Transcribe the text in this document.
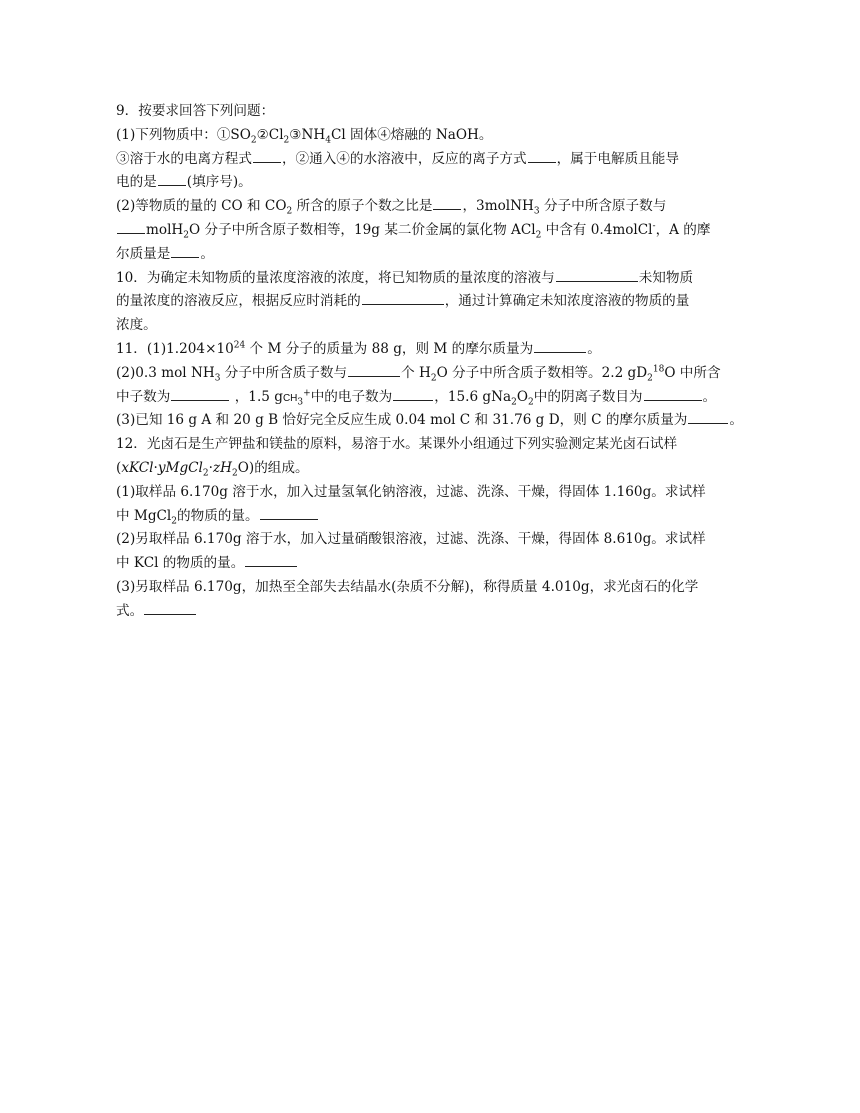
9．按要求回答下列问题：
(1)下列物质中：$①SO_2②Cl_2③NH_4Cl$ 固体④熔融的 NaOH。
③溶于水的电离方程式 ，②通入④的水溶液中，反应的离子方式 ，属于电解质且能导
电的是 (填序号)。
(2)等物质的量的 CO 和 $CO_2$ 所含的原子个数之比是 ，3molNH$_3$ 分子中所含原子数与
molH$_2$O 分子中所含原子数相等，19g 某二价金属的氯化物 ACl$_2$ 中含有 0.4molCl-，A 的摩
尔质量是 。
10．为确定未知物质的量浓度溶液的浓度，将已知物质的量浓度的溶液与	未知物质
的量浓度的溶液反应，根据反应时消耗的	，通过计算确定未知浓度溶液的物质的量
浓度。
11．$(1)1.204\times 10^{24}$ 个 M 分子的质量为 88 g，则 M 的摩尔质量为	。
(2)0.3 mol $NH_3$ 分子中所含质子数与	个 $H_2O$ 分子中所含质子数相等。2.2 $gD_2^{18}O$ 中所含
中子数为	，1.5 gCH$_3$+中的电子数为	，15.6 $gNa_2O_2$中的阴离子数目为	。
(3)已知 16 g A 和 20 g B 恰好完全反应生成 0.04 mol C 和 31.76 g D，则 C 的摩尔质量为	。
12．光卤石是生产钾盐和镁盐的原料，易溶于水。某课外小组通过下列实验测定某光卤石试样
$(xKCl\cdot yMgCl_2\cdot zH_2O)$的组成。
(1)取样品 6.170g 溶于水，加入过量氢氧化钠溶液，过滤、洗涤、干燥，得固体 1.160g。求试样
中 MgCl$_2$的物质的量。
(2)另取样品 6.170g 溶于水，加入过量硝酸银溶液，过滤、洗涤、干燥，得固体 8.610g。求试样
中 KCl 的物质的量。
(3)另取样品 6.170g，加热至全部失去结晶水(杂质不分解)，称得质量 4.010g，求光卤石的化学
式。
